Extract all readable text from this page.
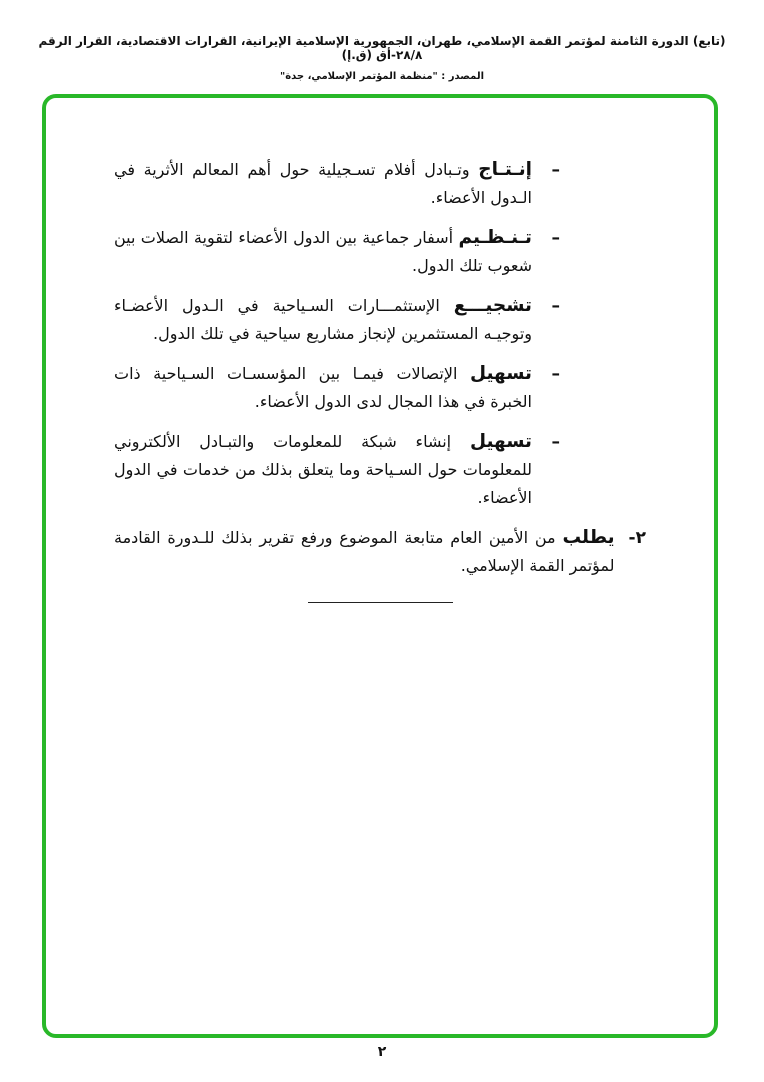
(تابع) الدورة الثامنة لمؤتمر القمة الإسلامي، طهران، الجمهورية الإسلامية الإيرانية، القرارات الاقتصادية، القرار الرقم ٢٨/٨-أق (ق.إ)
المصدر : "منظمة المؤتمر الإسلامي، جدة"
–

إنـتـاج وتـبادل أفلام تسـجيلية حول أهم المعالم الأثرية في الـدول الأعضاء.

–

تـنـظـيم أسفار جماعية بين الدول الأعضاء لتقوية الصلات بين شعوب تلك الدول.

–

تشجيـــع الإستثمـــارات السـياحية في الـدول الأعضـاء وتوجيـه المستثمرين لإنجاز مشاريع سياحية في تلك الدول.

–

تسهيل الإتصالات فيمـا بين المؤسسـات السـياحية ذات الخبرة في هذا المجال لدى الدول الأعضاء.

–

تسهيل إنشاء شبكة للمعلومات والتبـادل الألكتروني للمعلومات حول السـياحة وما يتعلق بذلك من خدمات في الدول الأعضاء.

٢-

يطلب من الأمين العام متابعة الموضوع ورفع تقرير بذلك للـدورة القادمة لمؤتمر القمة الإسلامي.

٢
